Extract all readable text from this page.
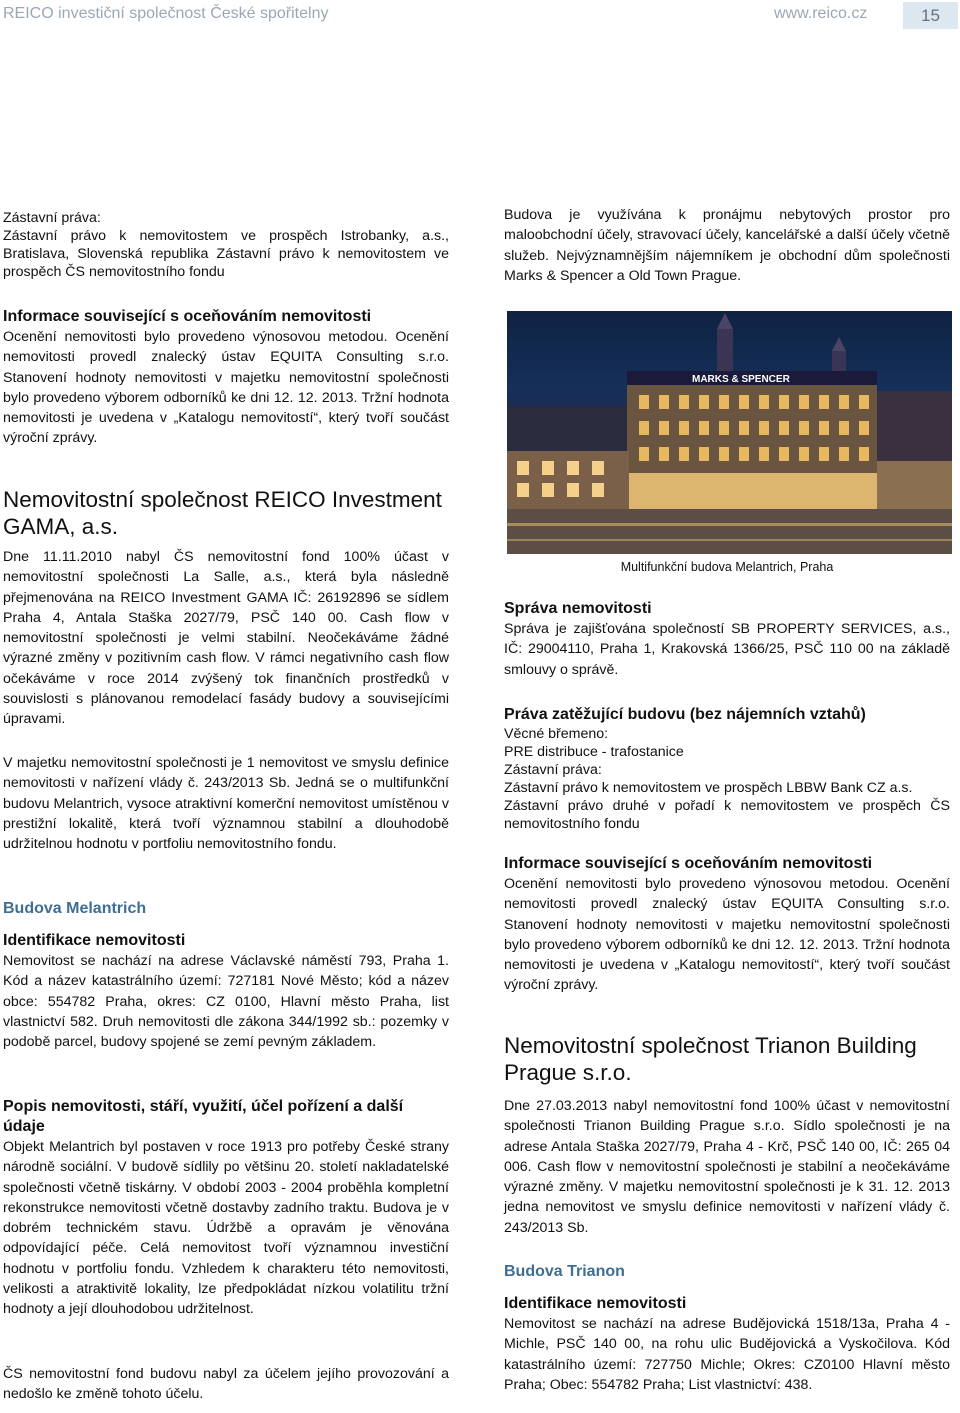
REICO investiční společnost České spořitelny	www.reico.cz	15

Zástavní práva:

Zástavní právo k nemovitostem ve prospěch Istrobanky, a.s., Bratislava, Slovenská republika Zástavní právo k nemovitostem ve prospěch ČS nemovitostního fondu

Informace související s oceňováním nemovitosti

Ocenění nemovitosti bylo provedeno výnosovou metodou. Ocenění nemovitosti provedl znalecký ústav EQUITA Consulting s.r.o. Stanovení hodnoty nemovitosti v majetku nemovitostní společnosti bylo provedeno výborem odborníků ke dni 12. 12. 2013. Tržní hodnota nemovitosti je uvedena v „Katalogu nemovitostí“, který tvoří součást výroční zprávy.

Nemovitostní společnost REICO Investment GAMA, a.s.

Dne 11.11.2010 nabyl ČS nemovitostní fond 100% účast v nemovitostní společnosti La Salle, a.s., která byla následně přejmenována na REICO Investment GAMA IČ: 26192896 se sídlem Praha 4, Antala Staška 2027/79, PSČ 140 00. Cash flow v nemovitostní společnosti je velmi stabilní. Neočekáváme žádné výrazné změny v pozitivním cash flow. V rámci negativního cash flow očekáváme v roce 2014 zvýšený tok finančních prostředků v souvislosti s plánovanou remodelací fasády budovy a souvisejícími úpravami.

V majetku nemovitostní společnosti je 1 nemovitost ve smyslu definice nemovitosti v nařízení vlády č. 243/2013 Sb. Jedná se o multifunkční budovu Melantrich, vysoce atraktivní komerční nemovitost umístěnou v prestižní lokalitě, která tvoří významnou stabilní a dlouhodobě udržitelnou hodnotu v portfoliu nemovitostního fondu.

Budova Melantrich
Identifikace nemovitosti

Nemovitost se nachází na adrese Václavské náměstí 793, Praha 1. Kód a název katastrálního území: 727181 Nové Město; kód a název obce: 554782 Praha, okres: CZ 0100, Hlavní město Praha, list vlastnictví 582. Druh nemovitosti dle zákona 344/1992 sb.: pozemky v podobě parcel, budovy spojené se zemí pevným základem.

Popis nemovitosti, stáří, využití, účel pořízení a další údaje

Objekt Melantrich byl postaven v roce 1913 pro potřeby České strany národně sociální. V budově sídlily po většinu 20. století nakladatelské společnosti včetně tiskárny. V období 2003 - 2004 proběhla kompletní rekonstrukce nemovitosti včetně dostavby zadního traktu. Budova je v dobrém technickém stavu. Údržbě a opravám je věnována odpovídající péče. Celá nemovitost tvoří významnou investiční hodnotu v portfoliu fondu. Vzhledem k charakteru této nemovitosti, velikosti a atraktivitě lokality, lze předpokládat nízkou volatilitu tržní hodnoty a její dlouhodobou udržitelnost.

ČS nemovitostní fond budovu nabyl za účelem jejího provozování a nedošlo ke změně tohoto účelu.

Budova je využívána k pronájmu nebytových prostor pro maloobchodní účely, stravovací účely, kancelářské a další účely včetně služeb. Nejvýznamnějším nájemníkem je obchodní dům společnosti Marks & Spencer a Old Town Prague.

MARKS & SPENCER
Multifunkční budova Melantrich, Praha
Správa nemovitosti

Správa je zajišťována společností SB PROPERTY SERVICES, a.s., IČ: 29004110, Praha 1, Krakovská 1366/25, PSČ 110 00 na základě smlouvy o správě.

Práva zatěžující budovu (bez nájemních vztahů)

Věcné břemeno:

PRE distribuce - trafostanice

Zástavní práva:

Zástavní právo k nemovitostem ve prospěch LBBW Bank CZ a.s.

Zástavní právo druhé v pořadí k nemovitostem ve prospěch ČS nemovitostního fondu

Informace související s oceňováním nemovitosti

Ocenění nemovitosti bylo provedeno výnosovou metodou. Ocenění nemovitosti provedl znalecký ústav EQUITA Consulting s.r.o. Stanovení hodnoty nemovitosti v majetku nemovitostní společnosti bylo provedeno výborem odborníků ke dni 12. 12. 2013. Tržní hodnota nemovitosti je uvedena v „Katalogu nemovitostí“, který tvoří součást výroční zprávy.

Nemovitostní společnost Trianon Building Prague s.r.o.

Dne 27.03.2013 nabyl nemovitostní fond 100% účast v nemovitostní společnosti Trianon Building Prague s.r.o. Sídlo společnosti je na adrese Antala Staška 2027/79, Praha 4 - Krč, PSČ 140 00, IČ: 265 04 006. Cash flow v nemovitostní společnosti je stabilní a neočekáváme výrazné změny. V majetku nemovitostní společnosti je k 31. 12. 2013 jedna nemovitost ve smyslu definice nemovitosti v nařízení vlády č. 243/2013 Sb.

Budova Trianon
Identifikace nemovitosti

Nemovitost se nachází na adrese Budějovická 1518/13a, Praha 4 - Michle, PSČ 140 00, na rohu ulic Budějovická a Vyskočilova. Kód katastrálního území: 727750 Michle; Okres: CZ0100 Hlavní město Praha; Obec: 554782 Praha; List vlastnictví: 438.
